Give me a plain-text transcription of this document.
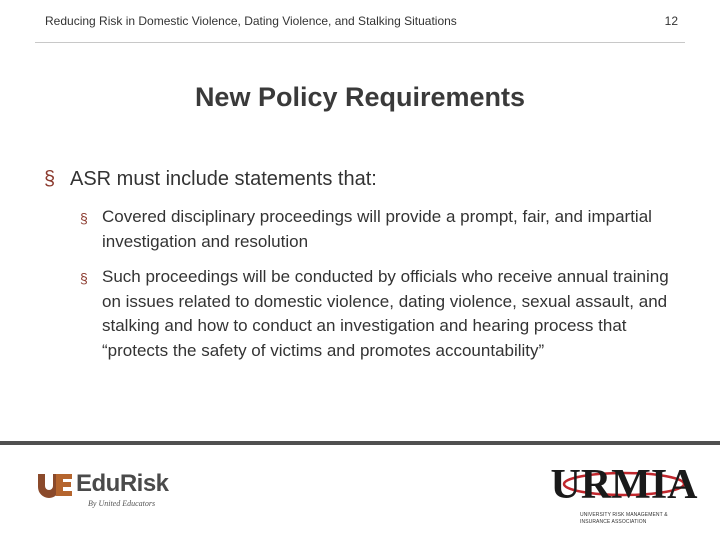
Reducing Risk in Domestic Violence, Dating Violence, and Stalking Situations	12
New Policy Requirements
§ ASR must include statements that:
§ Covered disciplinary proceedings will provide a prompt, fair, and impartial investigation and resolution
§ Such proceedings will be conducted by officials who receive annual training on issues related to domestic violence, dating violence, sexual assault, and stalking and how to conduct an investigation and hearing process that “protects the safety of victims and promotes accountability”
EduRisk
By United Educators	URMIA
UNIVERSITY RISK MANAGEMENT &
INSURANCE ASSOCIATION
